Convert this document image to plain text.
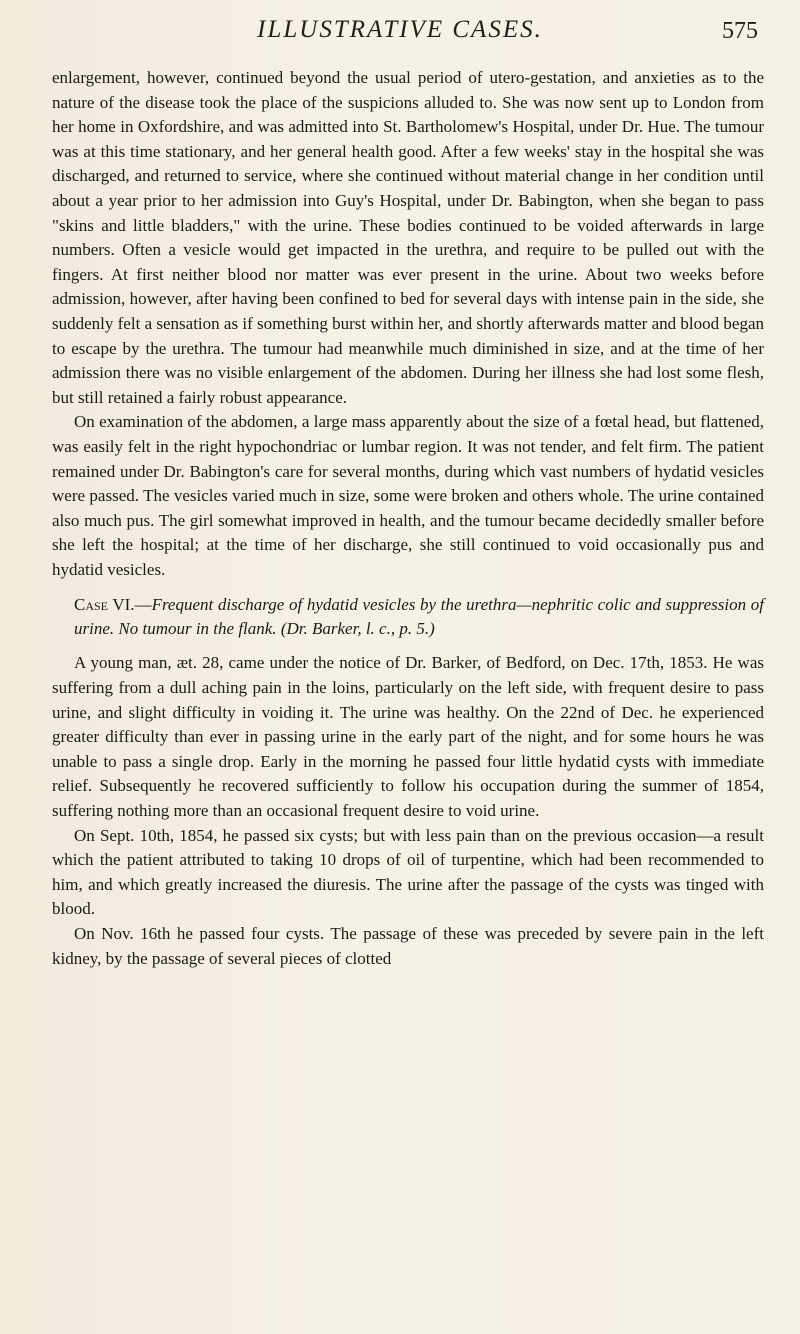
ILLUSTRATIVE CASES.	575

enlargement, however, continued beyond the usual period of utero-gestation, and anxieties as to the nature of the disease took the place of the suspicions alluded to. She was now sent up to London from her home in Oxfordshire, and was admitted into St. Bartholomew's Hospital, under Dr. Hue. The tumour was at this time stationary, and her general health good. After a few weeks' stay in the hospital she was discharged, and returned to service, where she continued without material change in her condition until about a year prior to her admission into Guy's Hospital, under Dr. Babington, when she began to pass "skins and little bladders," with the urine. These bodies continued to be voided afterwards in large numbers. Often a vesicle would get impacted in the urethra, and require to be pulled out with the fingers. At first neither blood nor matter was ever present in the urine. About two weeks before admission, however, after having been confined to bed for several days with intense pain in the side, she suddenly felt a sensation as if something burst within her, and shortly afterwards matter and blood began to escape by the urethra. The tumour had meanwhile much diminished in size, and at the time of her admission there was no visible enlargement of the abdomen. During her illness she had lost some flesh, but still retained a fairly robust appearance.

On examination of the abdomen, a large mass apparently about the size of a fœtal head, but flattened, was easily felt in the right hypochondriac or lumbar region. It was not tender, and felt firm. The patient remained under Dr. Babington's care for several months, during which vast numbers of hydatid vesicles were passed. The vesicles varied much in size, some were broken and others whole. The urine contained also much pus. The girl somewhat improved in health, and the tumour became decidedly smaller before she left the hospital; at the time of her discharge, she still continued to void occasionally pus and hydatid vesicles.

Case VI.—Frequent discharge of hydatid vesicles by the urethra—nephritic colic and suppression of urine. No tumour in the flank. (Dr. Barker, l. c., p. 5.)

A young man, æt. 28, came under the notice of Dr. Barker, of Bedford, on Dec. 17th, 1853. He was suffering from a dull aching pain in the loins, particularly on the left side, with frequent desire to pass urine, and slight difficulty in voiding it. The urine was healthy. On the 22nd of Dec. he experienced greater difficulty than ever in passing urine in the early part of the night, and for some hours he was unable to pass a single drop. Early in the morning he passed four little hydatid cysts with immediate relief. Subsequently he recovered sufficiently to follow his occupation during the summer of 1854, suffering nothing more than an occasional frequent desire to void urine.

On Sept. 10th, 1854, he passed six cysts; but with less pain than on the previous occasion—a result which the patient attributed to taking 10 drops of oil of turpentine, which had been recommended to him, and which greatly increased the diuresis. The urine after the passage of the cysts was tinged with blood.

On Nov. 16th he passed four cysts. The passage of these was preceded by severe pain in the left kidney, by the passage of several pieces of clotted
